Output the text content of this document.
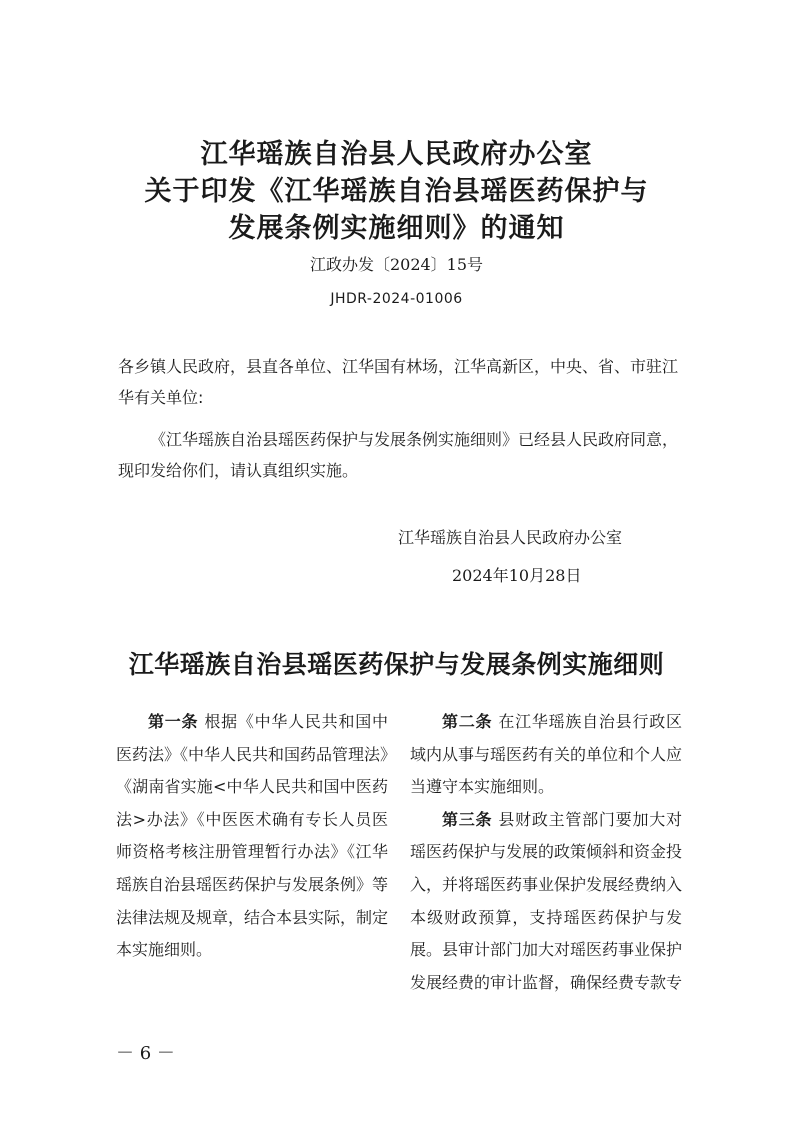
江华瑶族自治县人民政府办公室
关于印发《江华瑶族自治县瑶医药保护与
发展条例实施细则》的通知
江政办发〔2024〕15号
JHDR-2024-01006
各乡镇人民政府，县直各单位、江华国有林场，江华高新区，中央、省、市驻江华有关单位:
《江华瑶族自治县瑶医药保护与发展条例实施细则》已经县人民政府同意，现印发给你们，请认真组织实施。
江华瑶族自治县人民政府办公室
2024年10月28日
江华瑶族自治县瑶医药保护与发展条例实施细则

第一条 根据《中华人民共和国中医药法》《中华人民共和国药品管理法》《湖南省实施<中华人民共和国中医药法>办法》《中医医术确有专长人员医师资格考核注册管理暂行办法》《江华瑶族自治县瑶医药保护与发展条例》等法律法规及规章，结合本县实际，制定本实施细则。

第二条 在江华瑶族自治县行政区域内从事与瑶医药有关的单位和个人应当遵守本实施细则。

第三条 县财政主管部门要加大对瑶医药保护与发展的政策倾斜和资金投入，并将瑶医药事业保护发展经费纳入本级财政预算，支持瑶医药保护与发展。县审计部门加大对瑶医药事业保护发展经费的审计监督，确保经费专款专

－ 6 －
